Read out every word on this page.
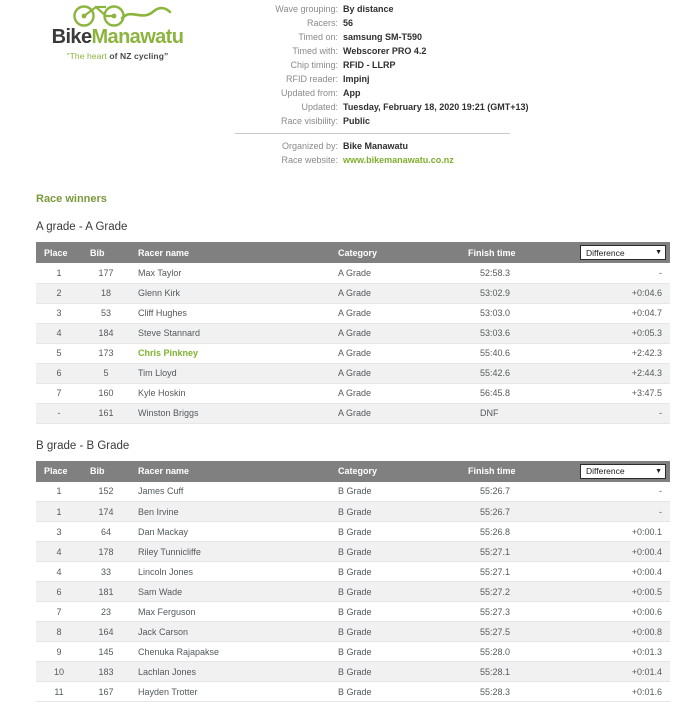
BikeManawatu
“The heart of NZ cycling”
Wave grouping:	By distance
Racers:	56
Timed on:	samsung SM-T590
Timed with:	Webscorer PRO 4.2
Chip timing:	RFID - LLRP
RFID reader:	Impinj
Updated from:	App
Updated:	Tuesday, February 18, 2020 19:21 (GMT+13)
Race visibility:	Public
Organized by:	Bike Manawatu
Race website:	www.bikemanawatu.co.nz
Race winners
A grade - A Grade
Place	Bib	Racer name	Category	Finish time	Difference ▼

1	177	Max Taylor	A Grade	52:58.3	-
2	18	Glenn Kirk	A Grade	53:02.9	+0:04.6
3	53	Cliff Hughes	A Grade	53:03.0	+0:04.7
4	184	Steve Stannard	A Grade	53:03.6	+0:05.3
5	173	Chris Pinkney	A Grade	55:40.6	+2:42.3
6	5	Tim Lloyd	A Grade	55:42.6	+2:44.3
7	160	Kyle Hoskin	A Grade	56:45.8	+3:47.5
-	161	Winston Briggs	A Grade	DNF	-
B grade - B Grade
Place	Bib	Racer name	Category	Finish time	Difference ▼

1	152	James Cuff	B Grade	55:26.7	-
1	174	Ben Irvine	B Grade	55:26.7	-
3	64	Dan Mackay	B Grade	55:26.8	+0:00.1
4	178	Riley Tunnicliffe	B Grade	55:27.1	+0:00.4
4	33	Lincoln Jones	B Grade	55:27.1	+0:00.4
6	181	Sam Wade	B Grade	55:27.2	+0:00.5
7	23	Max Ferguson	B Grade	55:27.3	+0:00.6
8	164	Jack Carson	B Grade	55:27.5	+0:00.8
9	145	Chenuka Rajapakse	B Grade	55:28.0	+0:01.3
10	183	Lachlan Jones	B Grade	55:28.1	+0:01.4
11	167	Hayden Trotter	B Grade	55:28.3	+0:01.6
